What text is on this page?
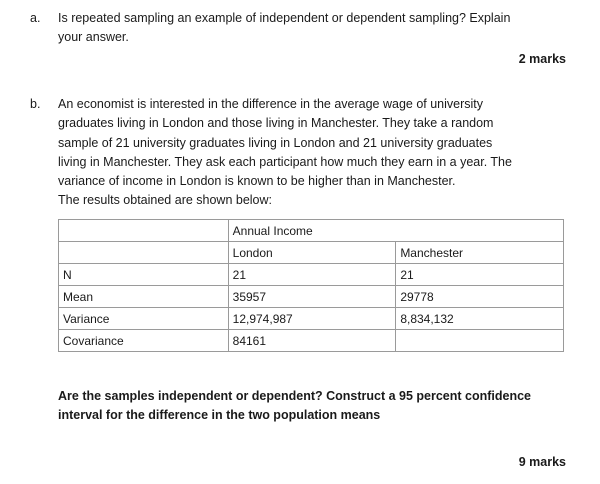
a. Is repeated sampling an example of independent or dependent sampling? Explain
your answer.
2 marks
b. An economist is interested in the difference in the average wage of university
graduates living in London and those living in Manchester. They take a random
sample of 21 university graduates living in London and 21 university graduates
living in Manchester. They ask each participant how much they earn in a year. The
variance of income in London is known to be higher than in Manchester.
The results obtained are shown below:
	Annual Income	
	London	Manchester
N	21	21
Mean	35957	29778
Variance	12,974,987	8,834,132
Covariance	84161	
Are the samples independent or dependent? Construct a 95 percent confidence
interval for the difference in the two population means
9 marks
